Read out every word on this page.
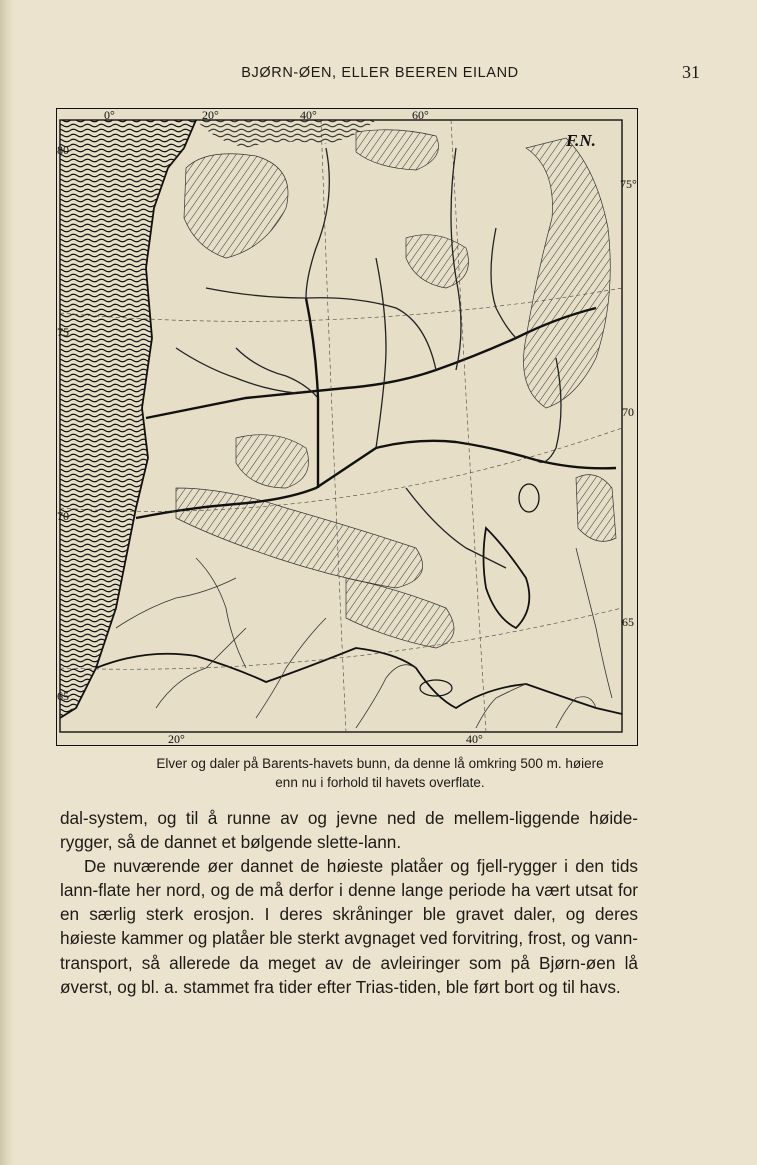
BJØRN-ØEN, ELLER BEEREN EILAND	31
0°	20°	40°	60°
20°	40°
80
75
70
65
75°
70
65
F.N.
Elver og daler på Barents-havets bunn, da denne lå omkring 500 m. høiere
enn nu i forhold til havets overflate.

dal-system, og til å runne av og jevne ned de mellem-liggende høide-rygger, så de dannet et bølgende slette-lann.

De nuværende øer dannet de høieste platåer og fjell-rygger i den tids lann-flate her nord, og de må derfor i denne lange periode ha vært utsat for en særlig sterk erosjon. I deres skråninger ble gravet daler, og deres høieste kammer og platåer ble sterkt avgnaget ved forvitring, frost, og vann-transport, så allerede da meget av de avleiringer som på Bjørn-øen lå øverst, og bl. a. stammet fra tider efter Trias-tiden, ble ført bort og til havs.
